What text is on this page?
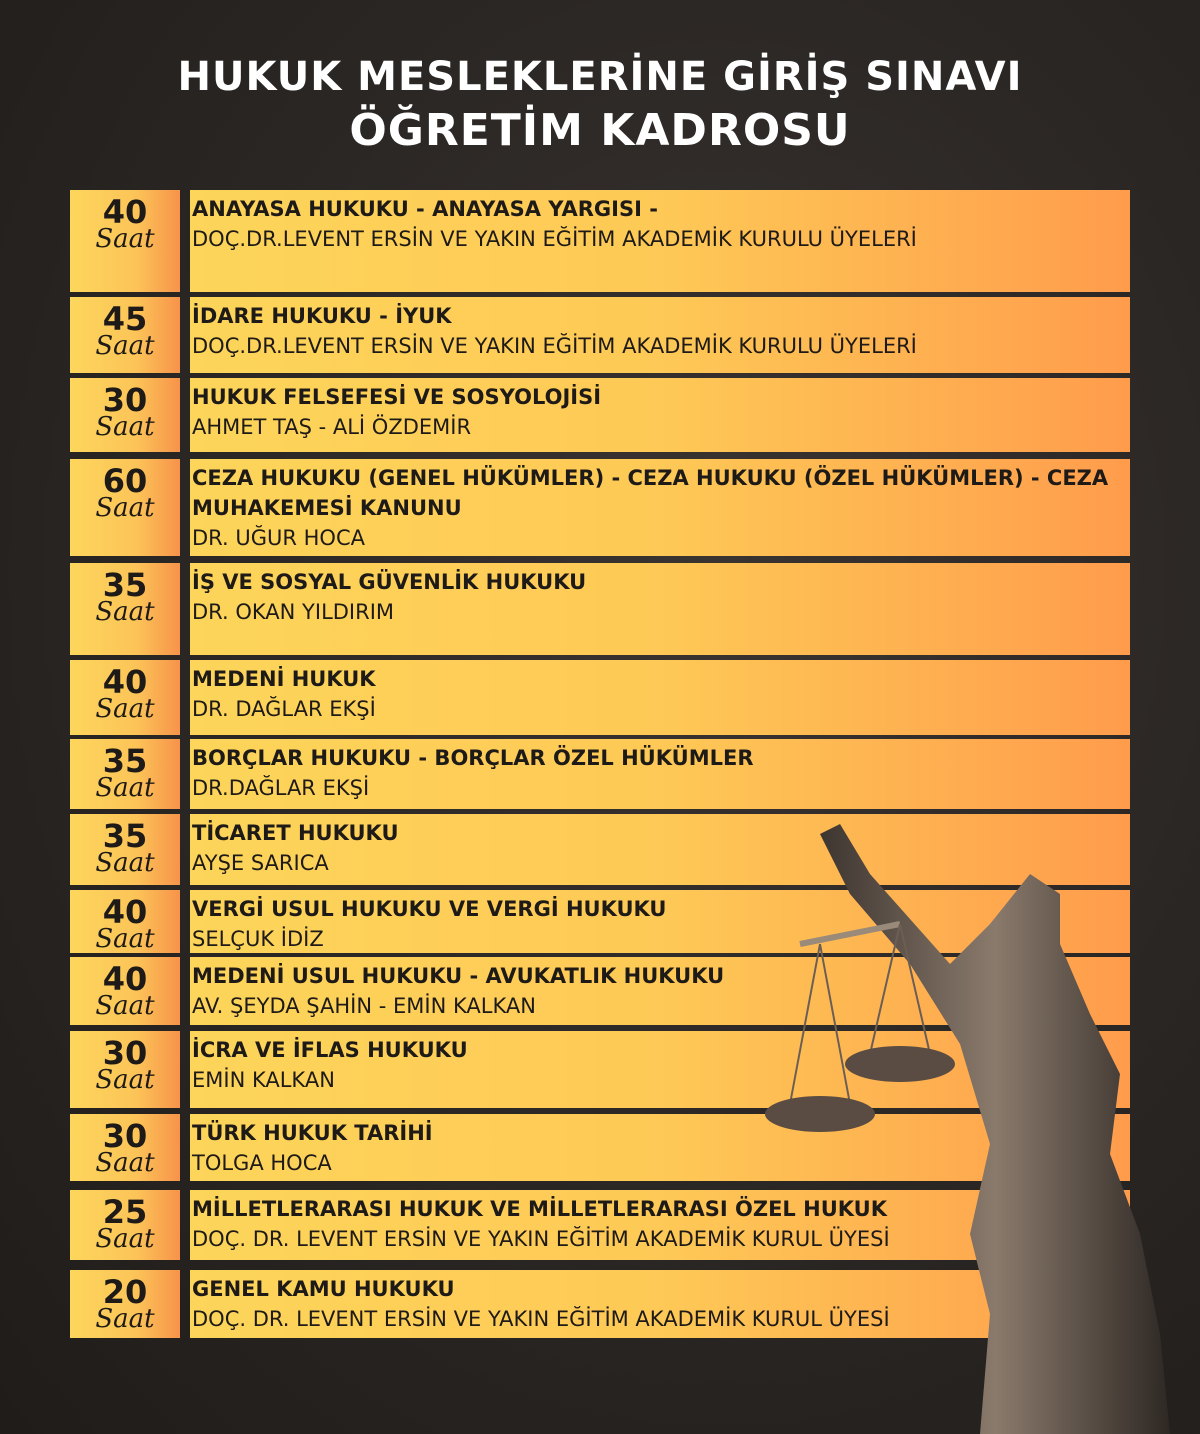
HUKUK MESLEKLERİNE GİRİŞ SINAVI
ÖĞRETİM KADROSU
40
Saat
ANAYASA HUKUKU - ANAYASA YARGISI -
DOÇ.DR.LEVENT ERSİN VE YAKIN EĞİTİM AKADEMİK KURULU ÜYELERİ
45
Saat
İDARE HUKUKU - İYUK
DOÇ.DR.LEVENT ERSİN VE YAKIN EĞİTİM AKADEMİK KURULU ÜYELERİ
30
Saat
HUKUK FELSEFESİ VE SOSYOLOJİSİ
AHMET TAŞ - ALİ ÖZDEMİR
60
Saat
CEZA HUKUKU (GENEL HÜKÜMLER) - CEZA HUKUKU (ÖZEL HÜKÜMLER) - CEZA MUHAKEMESİ KANUNU
DR. UĞUR HOCA
35
Saat
İŞ VE SOSYAL GÜVENLİK HUKUKU
DR. OKAN YILDIRIM
40
Saat
MEDENİ HUKUK
DR. DAĞLAR EKŞİ
35
Saat
BORÇLAR HUKUKU - BORÇLAR ÖZEL HÜKÜMLER
DR.DAĞLAR EKŞİ
35
Saat
TİCARET HUKUKU
AYŞE SARICA
40
Saat
VERGİ USUL HUKUKU VE VERGİ HUKUKU
SELÇUK İDİZ
40
Saat
MEDENİ USUL HUKUKU - AVUKATLIK HUKUKU
AV. ŞEYDA ŞAHİN - EMİN KALKAN
30
Saat
İCRA VE İFLAS HUKUKU
EMİN KALKAN
30
Saat
TÜRK HUKUK TARİHİ
TOLGA HOCA
25
Saat
MİLLETLERARASI HUKUK VE MİLLETLERARASI ÖZEL HUKUK
DOÇ. DR. LEVENT ERSİN VE YAKIN EĞİTİM AKADEMİK KURUL ÜYESİ
20
Saat
GENEL KAMU HUKUKU
DOÇ. DR. LEVENT ERSİN VE YAKIN EĞİTİM AKADEMİK KURUL ÜYESİ
